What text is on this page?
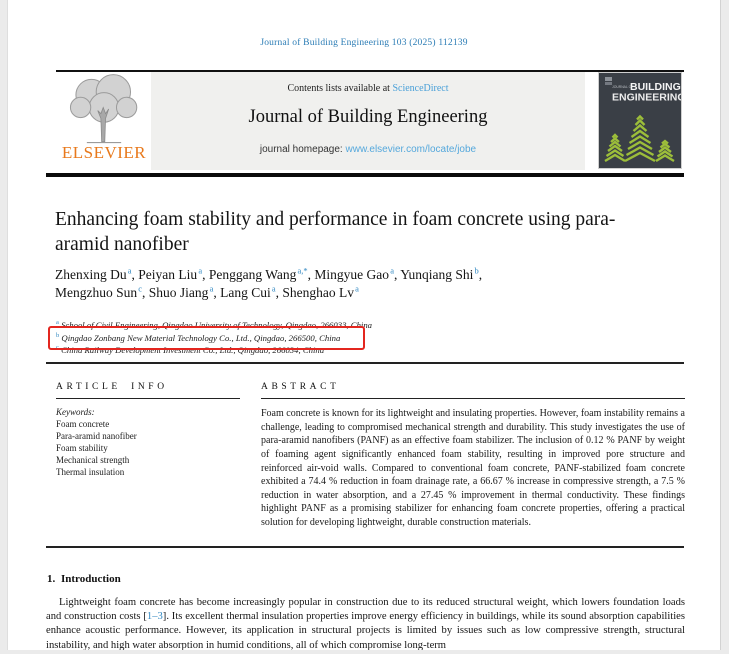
Journal of Building Engineering 103 (2025) 112139
ELSEVIER
Contents lists available at ScienceDirect
Journal of Building Engineering
journal homepage: www.elsevier.com/locate/jobe
JOURNAL OF
BUILDING
ENGINEERING
Enhancing foam stability and performance in foam concrete using para-aramid nanofiber
Zhenxing Du $^a$, Peiyan Liu $^a$, Penggang Wang $^{a,*}$, Mingyue Gao $^a$, Yunqiang Shi $^b$,
Mengzhuo Sun $^c$, Shuo Jiang $^a$, Lang Cui $^a$, Shenghao Lv $^a$
$^a$ School of Civil Engineering, Qingdao University of Technology, Qingdao, 266033, China
$^b$ Qingdao Zonbang New Material Technology Co., Ltd., Qingdao, 266500, China
$^c$ China Railway Development Investment Co., Ltd., Qingdao, 266034, China
ARTICLE INFO
Keywords:
Foam concrete
Para-aramid nanofiber
Foam stability
Mechanical strength
Thermal insulation
ABSTRACT
Foam concrete is known for its lightweight and insulating properties. However, foam instability remains a challenge, leading to compromised mechanical strength and durability. This study investigates the use of para-aramid nanofibers (PANF) as an effective foam stabilizer. The inclusion of 0.12 % PANF by weight of foaming agent significantly enhanced foam stability, resulting in improved pore structure and reinforced air-void walls. Compared to conventional foam concrete, PANF-stabilized foam concrete exhibited a 74.4 % reduction in foam drainage rate, a 66.67 % increase in compressive strength, a 7.5 % reduction in water absorption, and a 27.45 % improvement in thermal conductivity. These findings highlight PANF as a promising stabilizer for enhancing foam concrete properties, offering a practical solution for developing lightweight, durable construction materials.
1. Introduction
Lightweight foam concrete has become increasingly popular in construction due to its reduced structural weight, which lowers foundation loads and construction costs [1–3]. Its excellent thermal insulation properties improve energy efficiency in buildings, while its sound absorption capabilities enhance acoustic performance. However, its application in structural projects is limited by issues such as low compressive strength, structural instability, and high water absorption in humid conditions, all of which compromise long-term
